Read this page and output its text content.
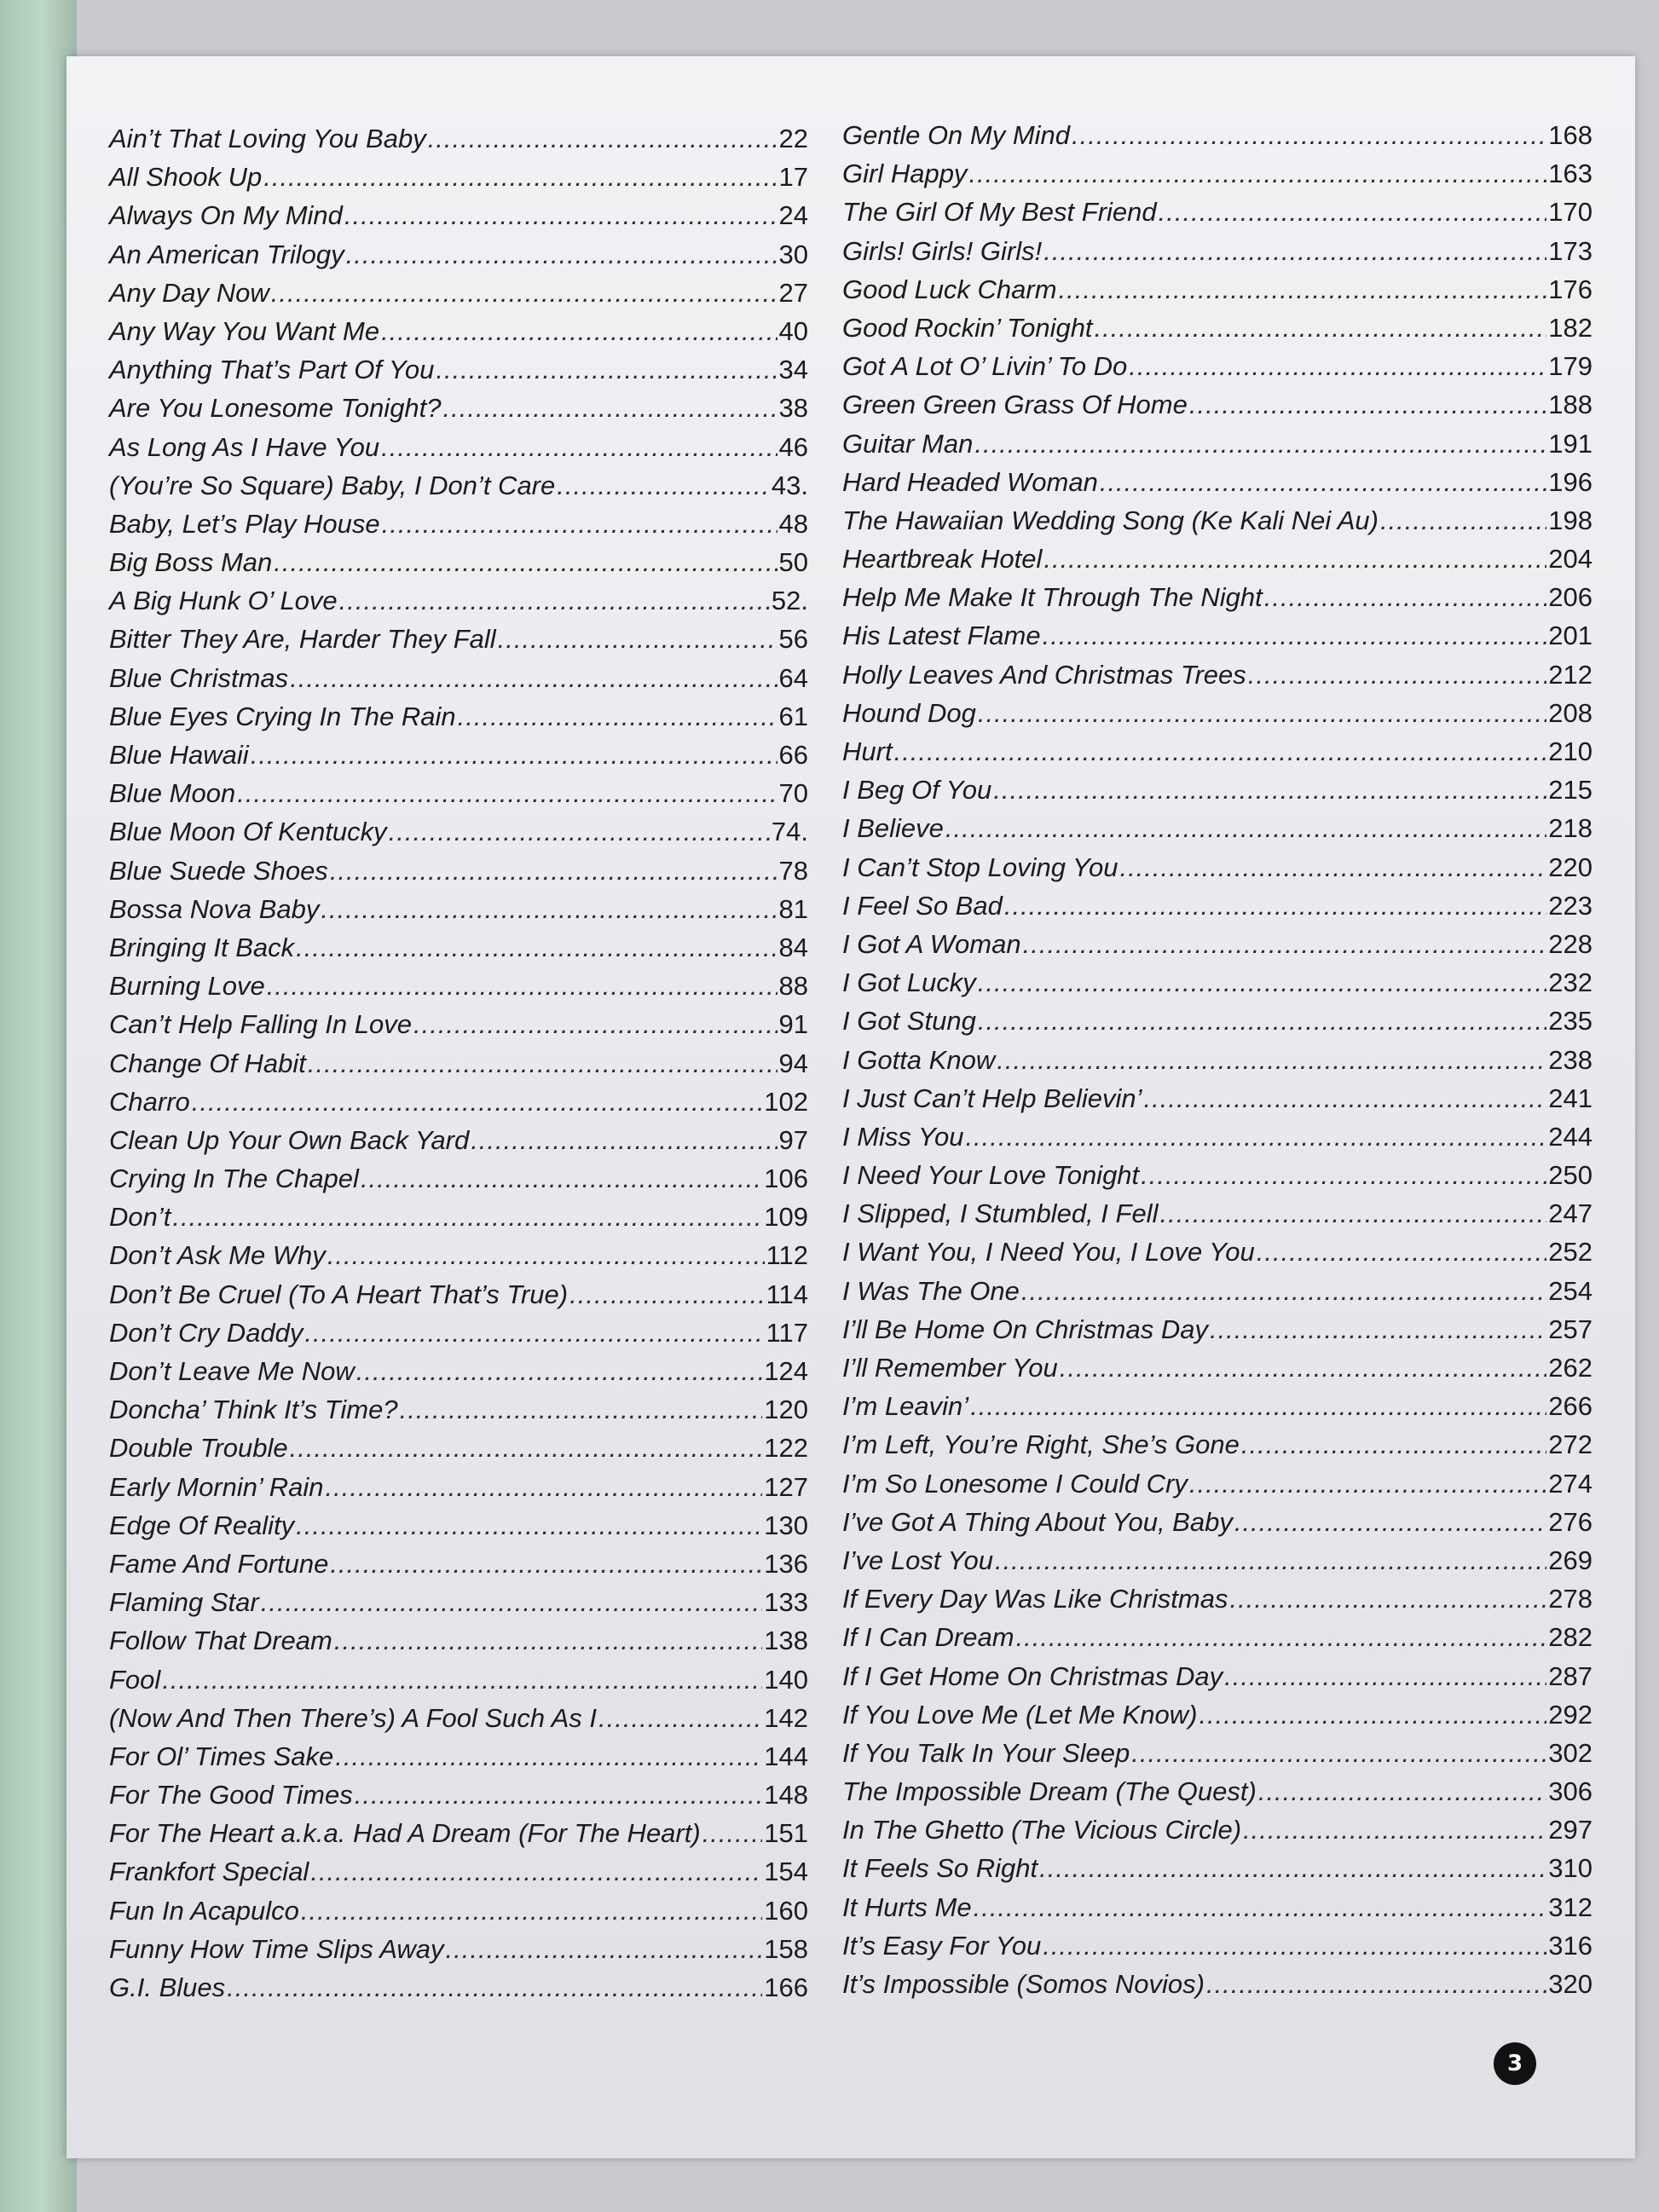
Ain’t That Loving You Baby .....	22
All Shook Up .....	17
Always On My Mind .....	24
An American Trilogy .....	30
Any Day Now .....	27
Any Way You Want Me .....	40
Anything That’s Part Of You .....	34
Are You Lonesome Tonight? .....	38
As Long As I Have You .....	46
(You’re So Square) Baby, I Don’t Care .....	43.
Baby, Let’s Play House .....	48
Big Boss Man .....	50
A Big Hunk O’ Love .....	52.
Bitter They Are, Harder They Fall .....	56
Blue Christmas .....	64
Blue Eyes Crying In The Rain .....	61
Blue Hawaii .....	66
Blue Moon .....	70
Blue Moon Of Kentucky .....	74.
Blue Suede Shoes .....	78
Bossa Nova Baby .....	81
Bringing It Back .....	84
Burning Love .....	88
Can’t Help Falling In Love .....	91
Change Of Habit .....	94
Charro .....	102
Clean Up Your Own Back Yard .....	97
Crying In The Chapel .....	106
Don’t .....	109
Don’t Ask Me Why .....	112
Don’t Be Cruel (To A Heart That’s True) .....	114
Don’t Cry Daddy .....	117
Don’t Leave Me Now .....	124
Doncha’ Think It’s Time? .....	120
Double Trouble .....	122
Early Mornin’ Rain .....	127
Edge Of Reality .....	130
Fame And Fortune .....	136
Flaming Star .....	133
Follow That Dream .....	138
Fool .....	140
(Now And Then There’s) A Fool Such As I .....	142
For Ol’ Times Sake .....	144
For The Good Times .....	148
For The Heart a.k.a. Had A Dream (For The Heart) ..... 151
Frankfort Special .....	154
Fun In Acapulco .....	160
Funny How Time Slips Away .....	158
G.I. Blues .....	166
Gentle On My Mind .....	168
Girl Happy .....	163
The Girl Of My Best Friend .....	170
Girls! Girls! Girls! .....	173
Good Luck Charm .....	176
Good Rockin’ Tonight .....	182
Got A Lot O’ Livin’ To Do .....	179
Green Green Grass Of Home .....	188
Guitar Man .....	191
Hard Headed Woman .....	196
The Hawaiian Wedding Song (Ke Kali Nei Au) .....	198
Heartbreak Hotel .....	204
Help Me Make It Through The Night .....	206
His Latest Flame .....	201
Holly Leaves And Christmas Trees .....	212
Hound Dog .....	208
Hurt .....	210
I Beg Of You .....	215
I Believe .....	218
I Can’t Stop Loving You .....	220
I Feel So Bad .....	223
I Got A Woman .....	228
I Got Lucky .....	232
I Got Stung .....	235
I Gotta Know .....	238
I Just Can’t Help Believin’ .....	241
I Miss You .....	244
I Need Your Love Tonight .....	250
I Slipped, I Stumbled, I Fell .....	247
I Want You, I Need You, I Love You .....	252
I Was The One .....	254
I’ll Be Home On Christmas Day .....	257
I’ll Remember You .....	262
I’m Leavin’ .....	266
I’m Left, You’re Right, She’s Gone .....	272
I’m So Lonesome I Could Cry .....	274
I’ve Got A Thing About You, Baby .....	276
I’ve Lost You .....	269
If Every Day Was Like Christmas .....	278
If I Can Dream .....	282
If I Get Home On Christmas Day .....	287
If You Love Me (Let Me Know) .....	292
If You Talk In Your Sleep .....	302
The Impossible Dream (The Quest) .....	306
In The Ghetto (The Vicious Circle) .....	297
It Feels So Right .....	310
It Hurts Me .....	312
It’s Easy For You .....	316
It’s Impossible (Somos Novios) .....	320
3
